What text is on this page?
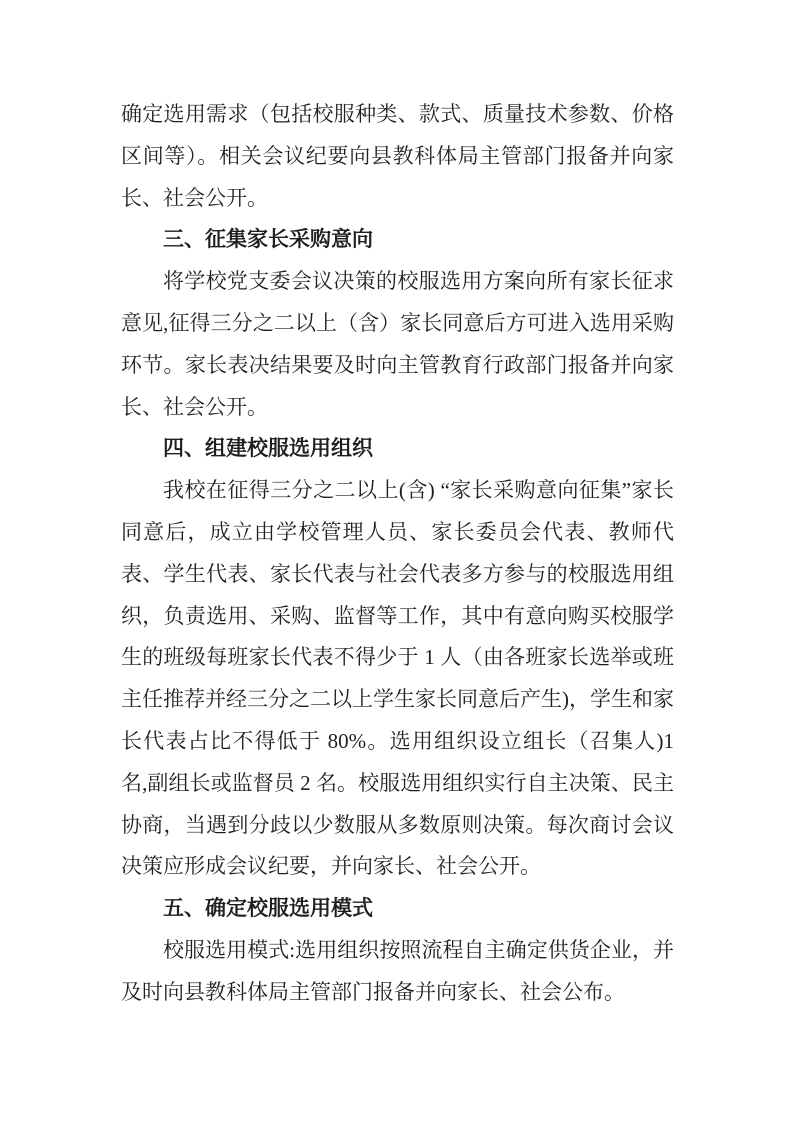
确定选用需求（包括校服种类、款式、质量技术参数、价格区间等）。相关会议纪要向县教科体局主管部门报备并向家长、社会公开。

三、征集家长采购意向

将学校党支委会议决策的校服选用方案向所有家长征求意见,征得三分之二以上（含）家长同意后方可进入选用采购环节。家长表决结果要及时向主管教育行政部门报备并向家长、社会公开。

四、组建校服选用组织

我校在征得三分之二以上(含) “家长采购意向征集”家长同意后，成立由学校管理人员、家长委员会代表、教师代表、学生代表、家长代表与社会代表多方参与的校服选用组织，负责选用、采购、监督等工作，其中有意向购买校服学生的班级每班家长代表不得少于 1 人（由各班家长选举或班主任推荐并经三分之二以上学生家长同意后产生)，学生和家长代表占比不得低于 80%。选用组织设立组长（召集人)1 名,副组长或监督员 2 名。校服选用组织实行自主决策、民主协商，当遇到分歧以少数服从多数原则决策。每次商讨会议决策应形成会议纪要，并向家长、社会公开。

五、确定校服选用模式

校服选用模式:选用组织按照流程自主确定供货企业，并及时向县教科体局主管部门报备并向家长、社会公布。
